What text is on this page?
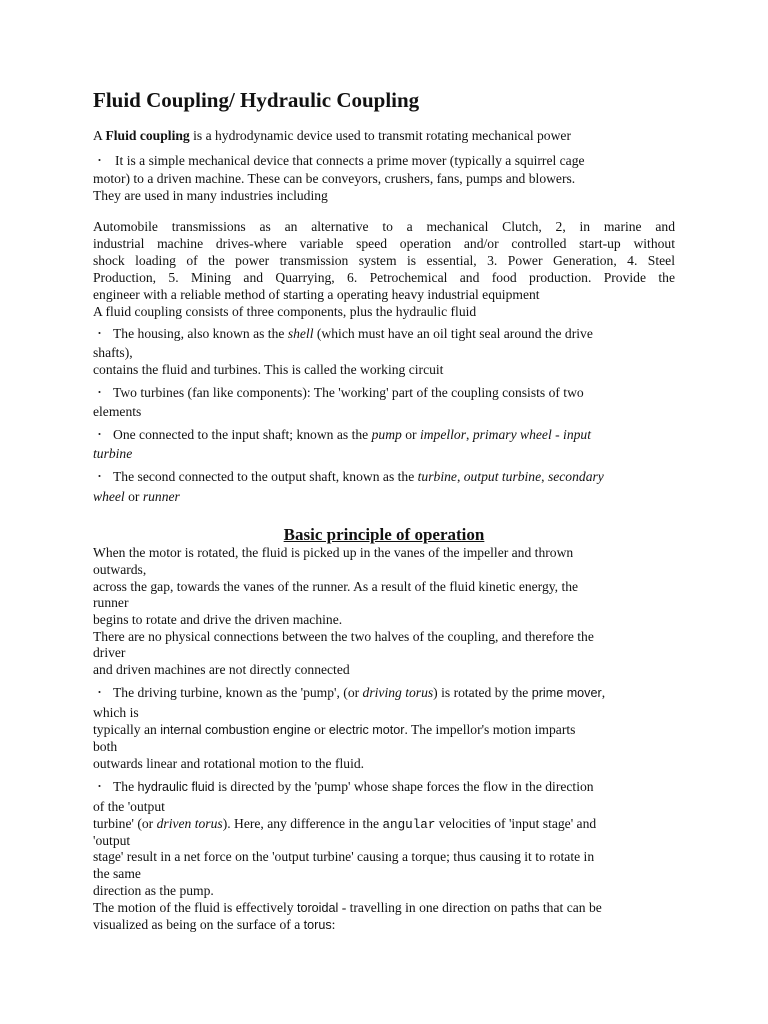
Fluid Coupling/ Hydraulic Coupling
A Fluid coupling is a hydrodynamic device used to transmit rotating mechanical power
・ It is a simple mechanical device that connects a prime mover (typically a squirrel cage
motor) to a driven machine. These can be conveyors, crushers, fans, pumps and blowers.
They are used in many industries including
Automobile transmissions as an alternative to a mechanical Clutch, 2, in marine and
industrial machine drives-where variable speed operation and/or controlled start-up without
shock loading of the power transmission system is essential, 3. Power Generation, 4. Steel
Production, 5. Mining and Quarrying, 6. Petrochemical and food production. Provide the
engineer with a reliable method of starting a operating heavy industrial equipment
A fluid coupling consists of three components, plus the hydraulic fluid
・ The housing, also known as the shell (which must have an oil tight seal around the drive
shafts),
contains the fluid and turbines. This is called the working circuit
・ Two turbines (fan like components): The 'working' part of the coupling consists of two
elements
・ One connected to the input shaft; known as the pump or impellor, primary wheel - input
turbine
・ The second connected to the output shaft, known as the turbine, output turbine, secondary
wheel or runner
Basic principle of operation
When the motor is rotated, the fluid is picked up in the vanes of the impeller and thrown
outwards,
across the gap, towards the vanes of the runner. As a result of the fluid kinetic energy, the
runner
begins to rotate and drive the driven machine.
There are no physical connections between the two halves of the coupling, and therefore the
driver
and driven machines are not directly connected
・ The driving turbine, known as the 'pump', (or driving torus) is rotated by the prime mover,
which is
typically an internal combustion engine or electric motor. The impellor's motion imparts
both
outwards linear and rotational motion to the fluid.
・ The hydraulic fluid is directed by the 'pump' whose shape forces the flow in the direction
of the 'output
turbine' (or driven torus). Here, any difference in the angular velocities of 'input stage' and
'output
stage' result in a net force on the 'output turbine' causing a torque; thus causing it to rotate in
the same
direction as the pump.
The motion of the fluid is effectively toroidal - travelling in one direction on paths that can be
visualized as being on the surface of a torus:
